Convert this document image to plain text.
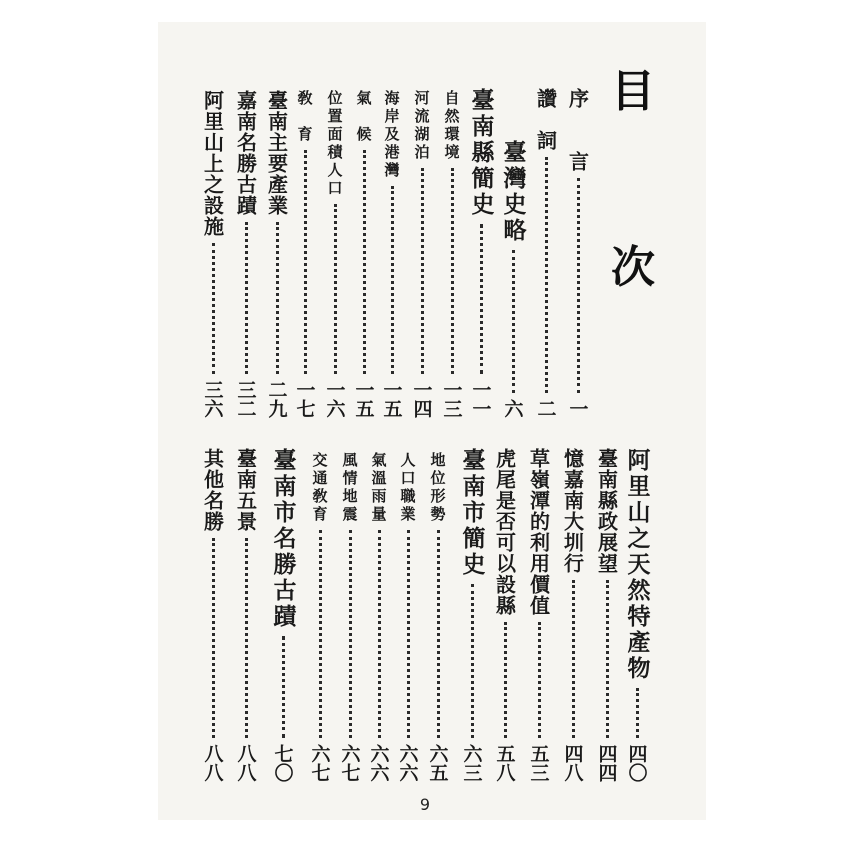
目
次
序　　言
一
讚　詞
二
臺灣史略
六
臺南縣簡史
一一
自然環境
一三
河流湖泊
一四
海岸及港灣
一五
氣　候
一五
位置面積人口
一六
敎　育
一七
臺南主要產業
二九
嘉南名勝古蹟
三二
阿里山上之設施
三六
阿里山之天然特產物
四〇
臺南縣政展望
四四
憶嘉南大圳行
四八
草嶺潭的利用價值
五三
虎尾是否可以設縣
五八
臺南市簡史
六三
地位形勢
六五
人口職業
六六
氣溫雨量
六六
風情地震
六七
交通敎育
六七
臺南市名勝古蹟
七〇
臺南五景
八八
其他名勝
八八
9
